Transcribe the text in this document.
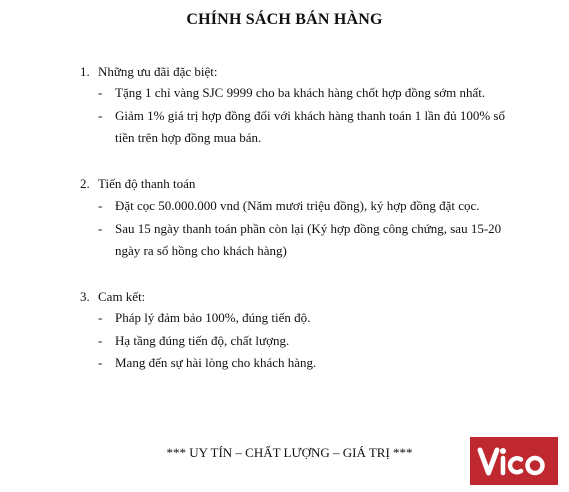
CHÍNH SÁCH BÁN HÀNG
1. Những ưu đãi đặc biệt:
- Tặng 1 chỉ vàng SJC 9999 cho ba khách hàng chốt hợp đồng sớm nhất.
- Giảm 1% giá trị hợp đồng đối với khách hàng thanh toán 1 lần đủ 100% số tiền trên hợp đồng mua bán.
2. Tiến độ thanh toán
- Đặt cọc 50.000.000 vnd (Năm mươi triệu đồng), ký hợp đồng đặt cọc.
- Sau 15 ngày thanh toán phần còn lại (Ký hợp đồng công chứng, sau 15-20 ngày ra sổ hồng cho khách hàng)
3. Cam kết:
- Pháp lý đảm bảo 100%, đúng tiến độ.
- Hạ tầng đúng tiến độ, chất lượng.
- Mang đến sự hài lòng cho khách hàng.
*** UY TÍN – CHẤT LƯỢNG – GIÁ TRỊ ***
